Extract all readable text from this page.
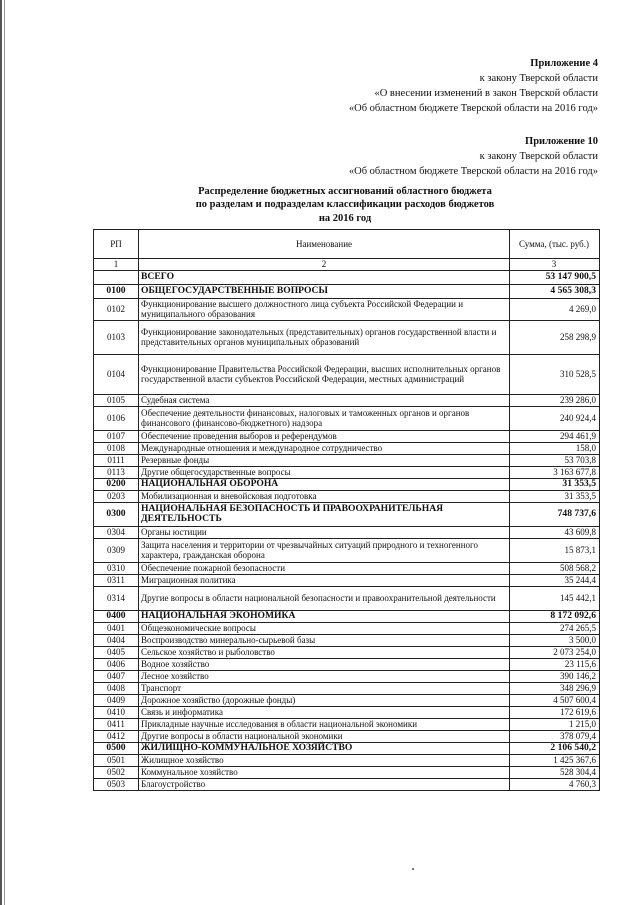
Приложение 4
к закону Тверской области
«О внесении изменений в закон Тверской области
«Об областном бюджете Тверской области на 2016 год»
Приложение 10
к закону Тверской области
«Об областном бюджете Тверской области на 2016 год»
Распределение бюджетных ассигнований областного бюджета
по разделам и подразделам классификации расходов бюджетов
на 2016 год
РП	Наименование	Сумма, (тыс. руб.)
1	2	3
	ВСЕГО	53 147 900,5
0100	ОБЩЕГОСУДАРСТВЕННЫЕ ВОПРОСЫ	4 565 308,3
0102	Функционирование высшего должностного лица субъекта Российской Федерации и муниципального образования	4 269,0
0103	Функционирование законодательных (представительных) органов государственной власти и представительных органов муниципальных образований	258 298,9
0104	Функционирование Правительства Российской Федерации, высших исполнительных органов государственной власти субъектов Российской Федерации, местных администраций	310 528,5
0105	Судебная система	239 286,0
0106	Обеспечение деятельности финансовых, налоговых и таможенных органов и органов финансового (финансово-бюджетного) надзора	240 924,4
0107	Обеспечение проведения выборов и референдумов	294 461,9
0108	Международные отношения и международное сотрудничество	158,0
0111	Резервные фонды	53 703,8
0113	Другие общегосударственные вопросы	3 163 677,8
0200	НАЦИОНАЛЬНАЯ ОБОРОНА	31 353,5
0203	Мобилизационная и вневойсковая подготовка	31 353,5
0300	НАЦИОНАЛЬНАЯ БЕЗОПАСНОСТЬ И ПРАВООХРАНИТЕЛЬНАЯ ДЕЯТЕЛЬНОСТЬ	748 737,6
0304	Органы юстиции	43 609,8
0309	Защита населения и территории от чрезвычайных ситуаций природного и техногенного характера, гражданская оборона	15 873,1
0310	Обеспечение пожарной безопасности	508 568,2
0311	Миграционная политика	35 244,4
0314	Другие вопросы в области национальной безопасности и правоохранительной деятельности	145 442,1
0400	НАЦИОНАЛЬНАЯ ЭКОНОМИКА	8 172 092,6
0401	Общеэкономические вопросы	274 265,5
0404	Воспроизводство минерально-сырьевой базы	3 500,0
0405	Сельское хозяйство и рыболовство	2 073 254,0
0406	Водное хозяйство	23 115,6
0407	Лесное хозяйство	390 146,2
0408	Транспорт	348 296,9
0409	Дорожное хозяйство (дорожные фонды)	4 507 600,4
0410	Связь и информатика	172 619,6
0411	Прикладные научные исследования в области национальной экономики	1 215,0
0412	Другие вопросы в области национальной экономики	378 079,4
0500	ЖИЛИЩНО-КОММУНАЛЬНОЕ ХОЗЯЙСТВО	2 106 540,2
0501	Жилищное хозяйство	1 425 367,6
0502	Коммунальное хозяйство	528 304,4
0503	Благоустройство	4 760,3
